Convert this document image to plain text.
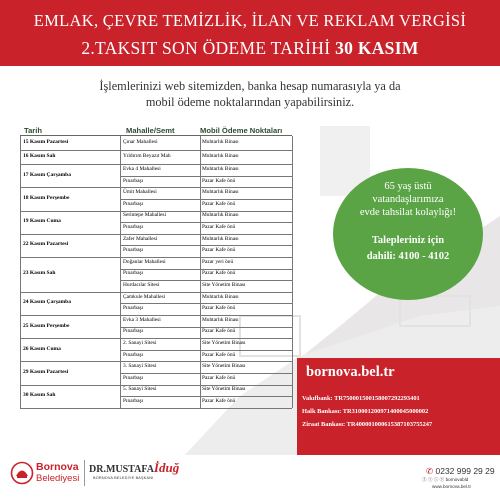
EMLAK, ÇEVRE TEMİZLİK, İLAN VE REKLAM VERGİSİ
2.TAKSIT SON ÖDEME TARİHİ 30 KASIM
İşlemlerinizi web sitemizden, banka hesap numarasıyla ya da
mobil ödeme noktalarından yapabilirsiniz.
Tarih	Mahalle/Semt	Mobil Ödeme Noktaları
15 Kasım Pazartesi	Çınar Mahallesi	Muhtarlık Binası
16 Kasım Salı	Yıldırım Beyazıt Mah	Muhtarlık Binası
17 Kasım Çarşamba
Evka 4 Mahallesi	Muhtarlık Binası
Pınarbaşı	Pazar Kafe önü
18 Kasım Perşembe
Ümit Mahallesi	Muhtarlık Binası
Pınarbaşı	Pazar Kafe önü
19 Kasım Cuma
Serintepe Mahallesi	Muhtarlık Binası
Pınarbaşı	Pazar Kafe önü
22 Kasım Pazartesi
Zafer Mahallesi	Muhtarlık Binası
Pınarbaşı	Pazar Kafe önü
23 Kasım Salı
Doğanlar Mahallesi	Pazar yeri önü
Pınarbaşı	Pazar Kafe önü
Hurdacılar Sitesi	Site Yönetim Binası
24 Kasım Çarşamba
Çamkule Mahallesi	Muhtarlık Binası
Pınarbaşı	Pazar Kafe önü
25 Kasım Perşembe
Evka 3 Mahallesi	Muhtarlık Binası
Pınarbaşı	Pazar Kafe önü
26 Kasım Cuma
2. Sanayi Sitesi	Site Yönetim Binası
Pınarbaşı	Pazar Kafe önü
29 Kasım Pazartesi
3. Sanayi Sitesi	Site Yönetim Binası
Pınarbaşı	Pazar Kafe önü
30 Kasım Salı
5. Sanayi Sitesi	Site Yönetim Binası
Pınarbaşı	Pazar Kafe önü
65 yaş üstü
vatandaşlarımıza
evde tahsilat kolaylığı!
Talepleriniz için
dahili: 4100 - 4102
bornova.bel.tr
Vakıfbank: TR750001500158007292293401
Halk Bankası: TR310001200971400045000002
Ziraat Bankası: TR400001000615387103755247
Bornova
Belediyesi
DR.MUSTAFAİduğ
BORNOVA BELEDİYE BAŞKANI
✆ 0232 999 29 29
ⓕ ⓣ ⓘ ⓨ bornovabld
www.bornova.bel.tr
